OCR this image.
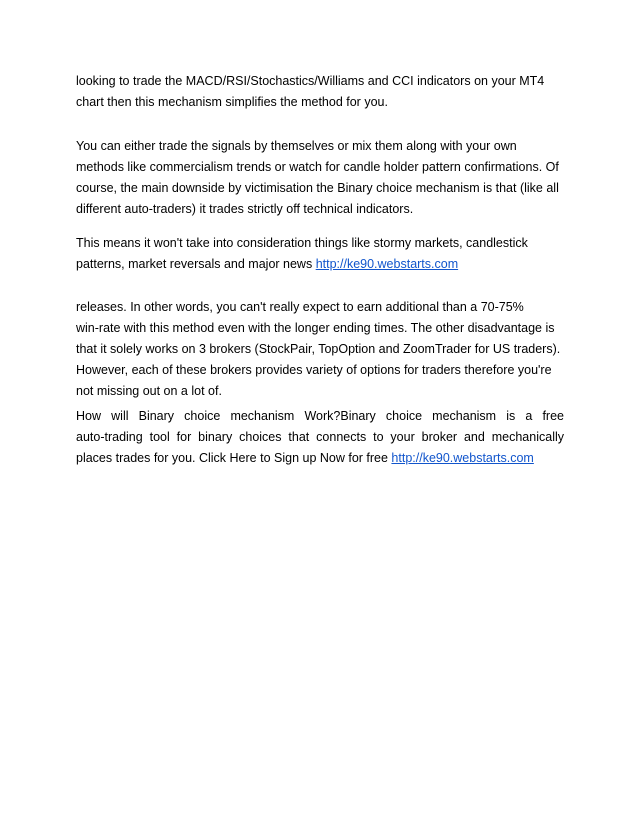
looking to trade the MACD/RSI/Stochastics/Williams and CCI indicators on your MT4
chart then this mechanism simplifies the method for you.

You can either trade the signals by themselves or mix them along with your own
methods like commercialism trends or watch for candle holder pattern confirmations. Of
course, the main downside by victimisation the Binary choice mechanism is that (like all
different auto-traders) it trades strictly off technical indicators.

This means it won't take into consideration things like stormy markets, candlestick
patterns, market reversals and major news http://ke90.webstarts.com

releases. In other words, you can't really expect to earn additional than a 70-75%
win-rate with this method even with the longer ending times. The other disadvantage is
that it solely works on 3 brokers (StockPair, TopOption and ZoomTrader for US traders).
However, each of these brokers provides variety of options for traders therefore you're
not missing out on a lot of.

How will Binary choice mechanism Work?Binary choice mechanism is a free
auto-trading tool for binary choices that connects to your broker and mechanically
places trades for you. Click Here to Sign up Now for free http://ke90.webstarts.com
